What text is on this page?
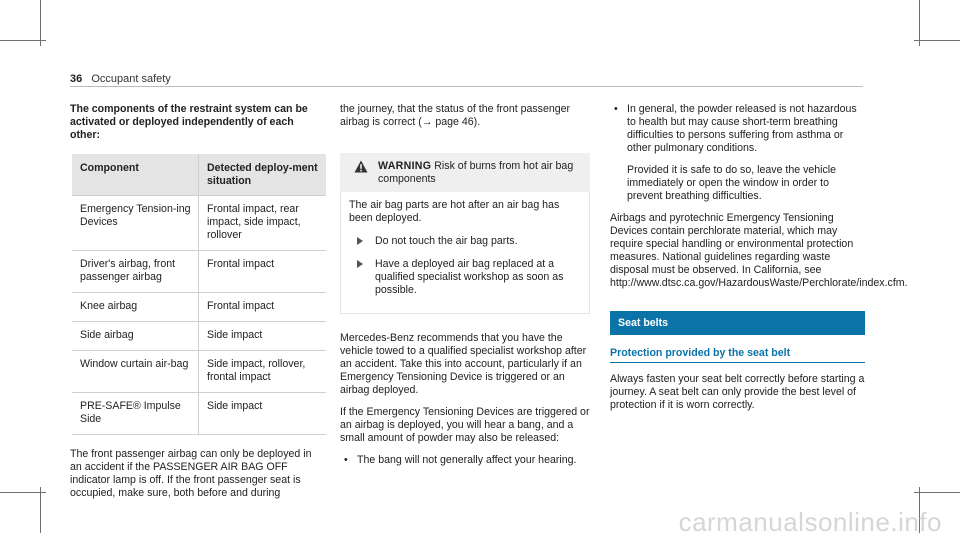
36 Occupant safety

The components of the restraint system can be activated or deployed independently of each other:

Component	Detected deploy-ment situation
Emergency Tension-ing Devices	Frontal impact, rear impact, side impact, rollover
Driver's airbag, front passenger airbag	Frontal impact
Knee airbag	Frontal impact
Side airbag	Side impact
Window curtain air-bag	Side impact, rollover, frontal impact
PRE-SAFE® Impulse Side	Side impact

The front passenger airbag can only be deployed in an accident if the PASSENGER AIR BAG OFF indicator lamp is off. If the front passenger seat is occupied, make sure, both before and during

the journey, that the status of the front passenger airbag is correct (→ page 46).

WARNING Risk of burns from hot air bag components

The air bag parts are hot after an air bag has been deployed.

Do not touch the air bag parts.
Have a deployed air bag replaced at a qualified specialist workshop as soon as possible.

Mercedes-Benz recommends that you have the vehicle towed to a qualified specialist workshop after an accident. Take this into account, particularly if an Emergency Tensioning Device is triggered or an airbag deployed.

If the Emergency Tensioning Devices are triggered or an airbag is deployed, you will hear a bang, and a small amount of powder may also be released:

• The bang will not generally affect your hearing.
• In general, the powder released is not hazardous to health but may cause short-term breathing difficulties to persons suffering from asthma or other pulmonary conditions.
Provided it is safe to do so, leave the vehicle immediately or open the window in order to prevent breathing difficulties.

Airbags and pyrotechnic Emergency Tensioning Devices contain perchlorate material, which may require special handling or environmental protection measures. National guidelines regarding waste disposal must be observed. In California, see http://www.dtsc.ca.gov/HazardousWaste/Perchlorate/index.cfm.

Seat belts
Protection provided by the seat belt

Always fasten your seat belt correctly before starting a journey. A seat belt can only provide the best level of protection if it is worn correctly.

carmanualsonline.info
